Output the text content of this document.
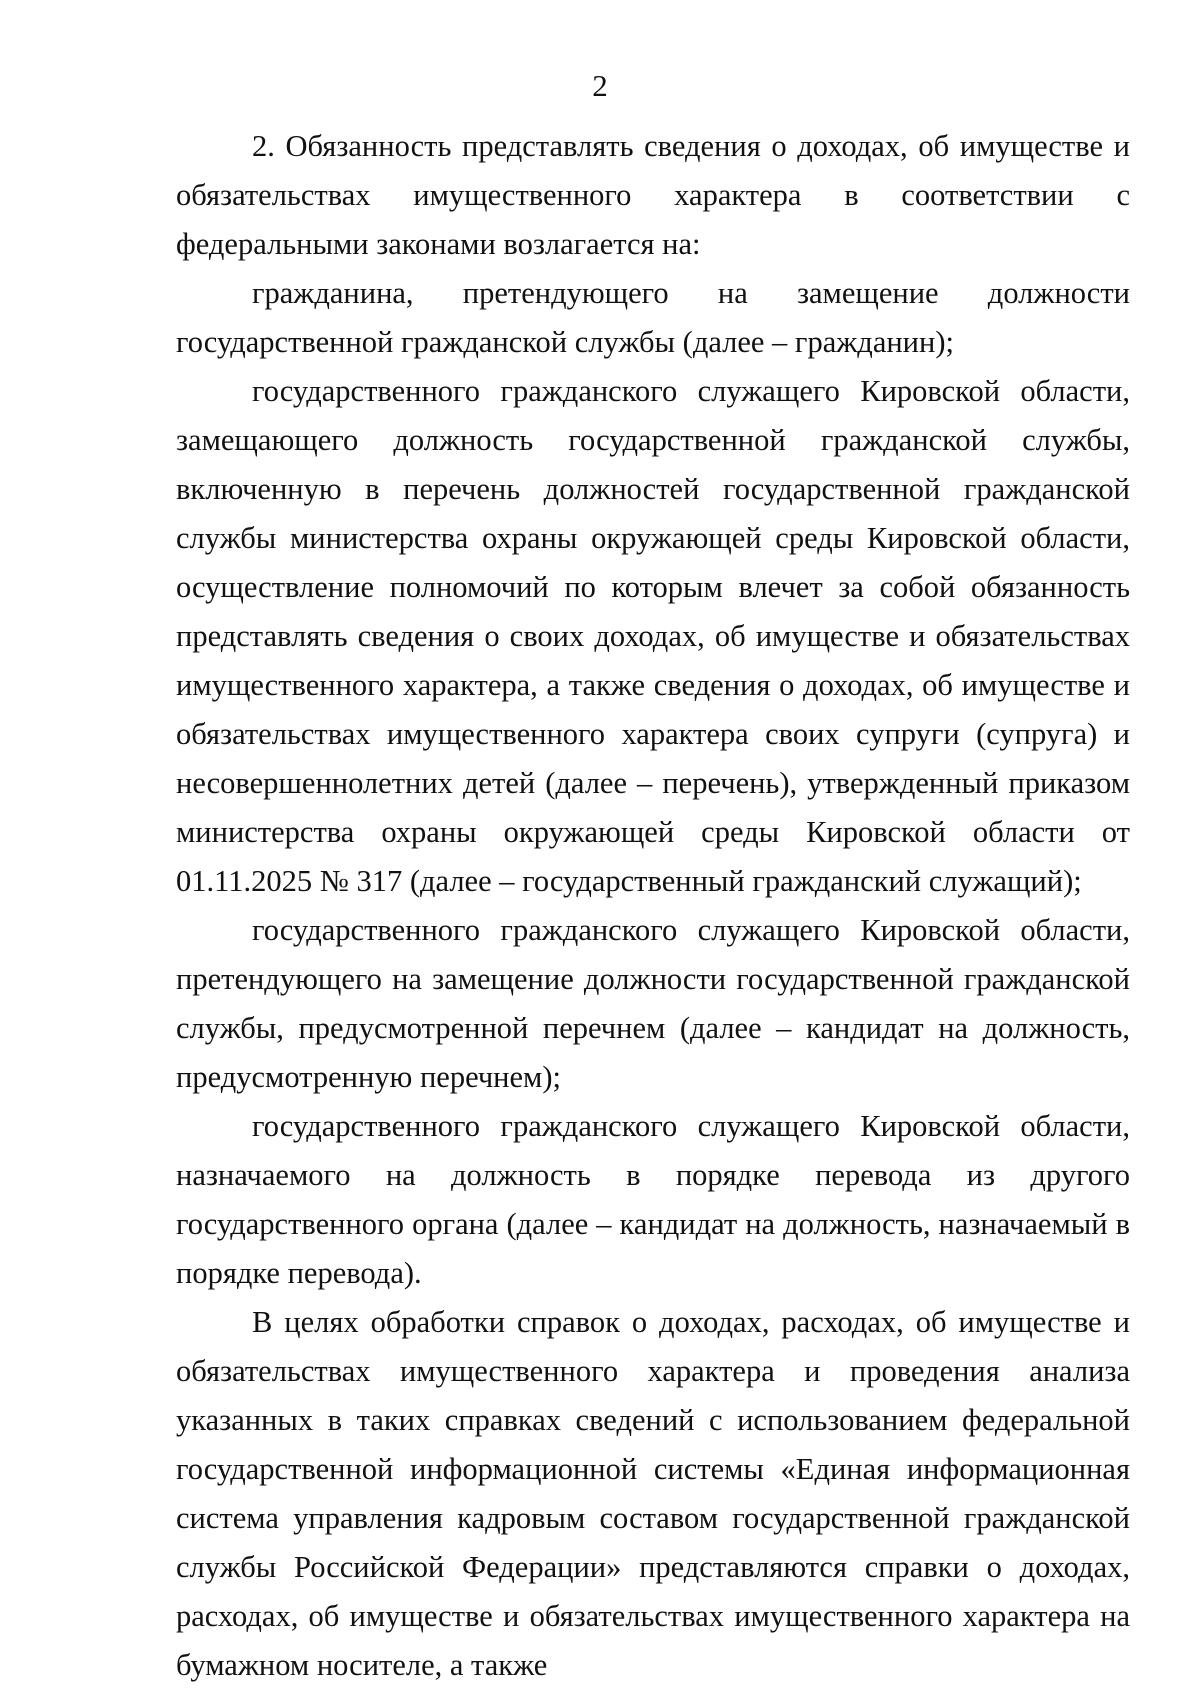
2

2. Обязанность представлять сведения о доходах, об имуществе и обязательствах имущественного характера в соответствии с федеральными законами возлагается на:

гражданина, претендующего на замещение должности государственной гражданской службы (далее – гражданин);

государственного гражданского служащего Кировской области, замещающего должность государственной гражданской службы, включенную в перечень должностей государственной гражданской службы министерства охраны окружающей среды Кировской области, осуществление полномочий по которым влечет за собой обязанность представлять сведения о своих доходах, об имуществе и обязательствах имущественного характера, а также сведения о доходах, об имуществе и обязательствах имущественного характера своих супруги (супруга) и несовершеннолетних детей (далее – перечень), утвержденный приказом министерства охраны окружающей среды Кировской области от 01.11.2025 № 317 (далее – государственный гражданский служащий);

государственного гражданского служащего Кировской области, претендующего на замещение должности государственной гражданской службы, предусмотренной перечнем (далее – кандидат на должность, предусмотренную перечнем);

государственного гражданского служащего Кировской области, назначаемого на должность в порядке перевода из другого государственного органа (далее – кандидат на должность, назначаемый в порядке перевода).

В целях обработки справок о доходах, расходах, об имуществе и обязательствах имущественного характера и проведения анализа указанных в таких справках сведений с использованием федеральной государственной информационной системы «Единая информационная система управления кадровым составом государственной гражданской службы Российской Федерации» представляются справки о доходах, расходах, об имуществе и обязательствах имущественного характера на бумажном носителе, а также
